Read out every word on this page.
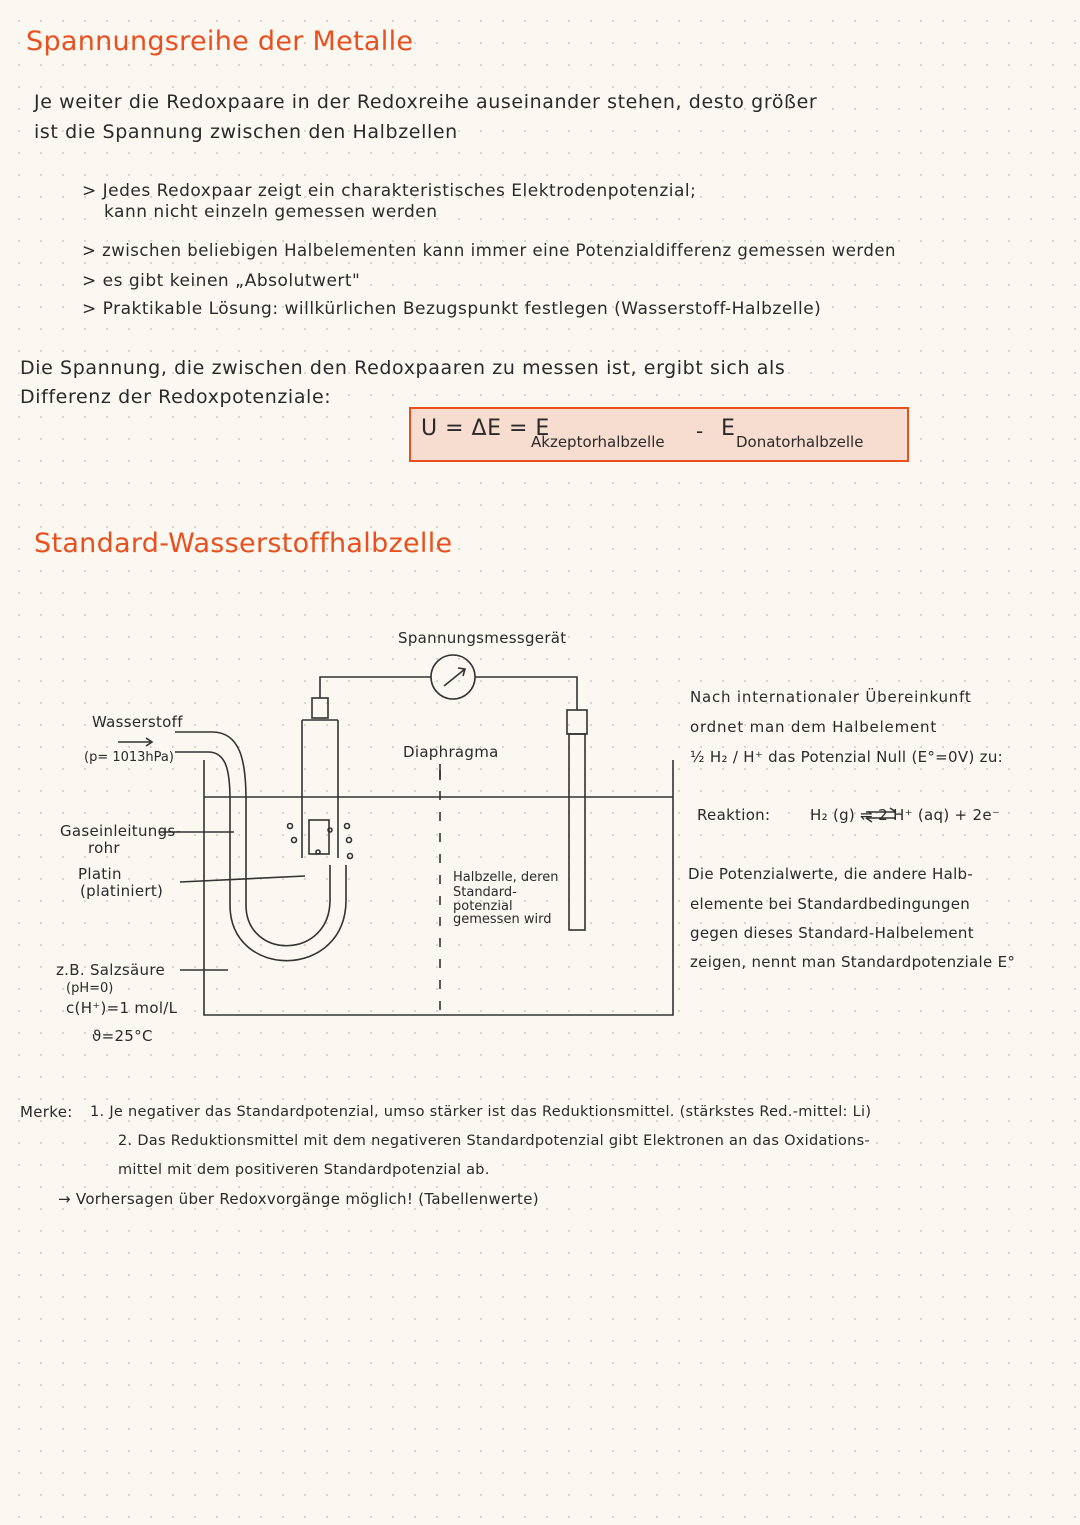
Spannungsreihe der Metalle
Je weiter die Redoxpaare in der Redoxreihe auseinander stehen, desto größer
ist die Spannung zwischen den Halbzellen
> Jedes Redoxpaar zeigt ein charakteristisches Elektrodenpotenzial;
kann nicht einzeln gemessen werden
> zwischen beliebigen Halbelementen kann immer eine Potenzialdifferenz gemessen werden
> es gibt keinen „Absolutwert"
> Praktikable Lösung: willkürlichen Bezugspunkt festlegen (Wasserstoff-Halbzelle)
Die Spannung, die zwischen den Redoxpaaren zu messen ist, ergibt sich als
Differenz der Redoxpotenziale:
U = ΔE = E
Akzeptorhalbzelle - E
Donatorhalbzelle
Standard-Wasserstoffhalbzelle
Spannungsmessgerät
Wasserstoff
(p= 1013hPa)	Diaphragma
Gaseinleitungs-
rohr
Platin
(platiniert)
z.B. Salzsäure
(pH=0)
c(H⁺)=1 mol/L
ϑ=25°C
Halbzelle, deren
Standard-
potenzial
gemessen wird
Nach internationaler Übereinkunft
ordnet man dem Halbelement
½ H₂ / H⁺ das Potenzial Null (E°=0V) zu:
Reaktion:	H₂ (g) ⇌ 2 H⁺ (aq) + 2e⁻
Die Potenzialwerte, die andere Halb-
elemente bei Standardbedingungen
gegen dieses Standard-Halbelement
zeigen, nennt man Standardpotenziale E°
Merke: 1. Je negativer das Standardpotenzial, umso stärker ist das Reduktionsmittel. (stärkstes Red.-mittel: Li)
2. Das Reduktionsmittel mit dem negativeren Standardpotenzial gibt Elektronen an das Oxidations-
mittel mit dem positiveren Standardpotenzial ab.
→ Vorhersagen über Redoxvorgänge möglich! (Tabellenwerte)
